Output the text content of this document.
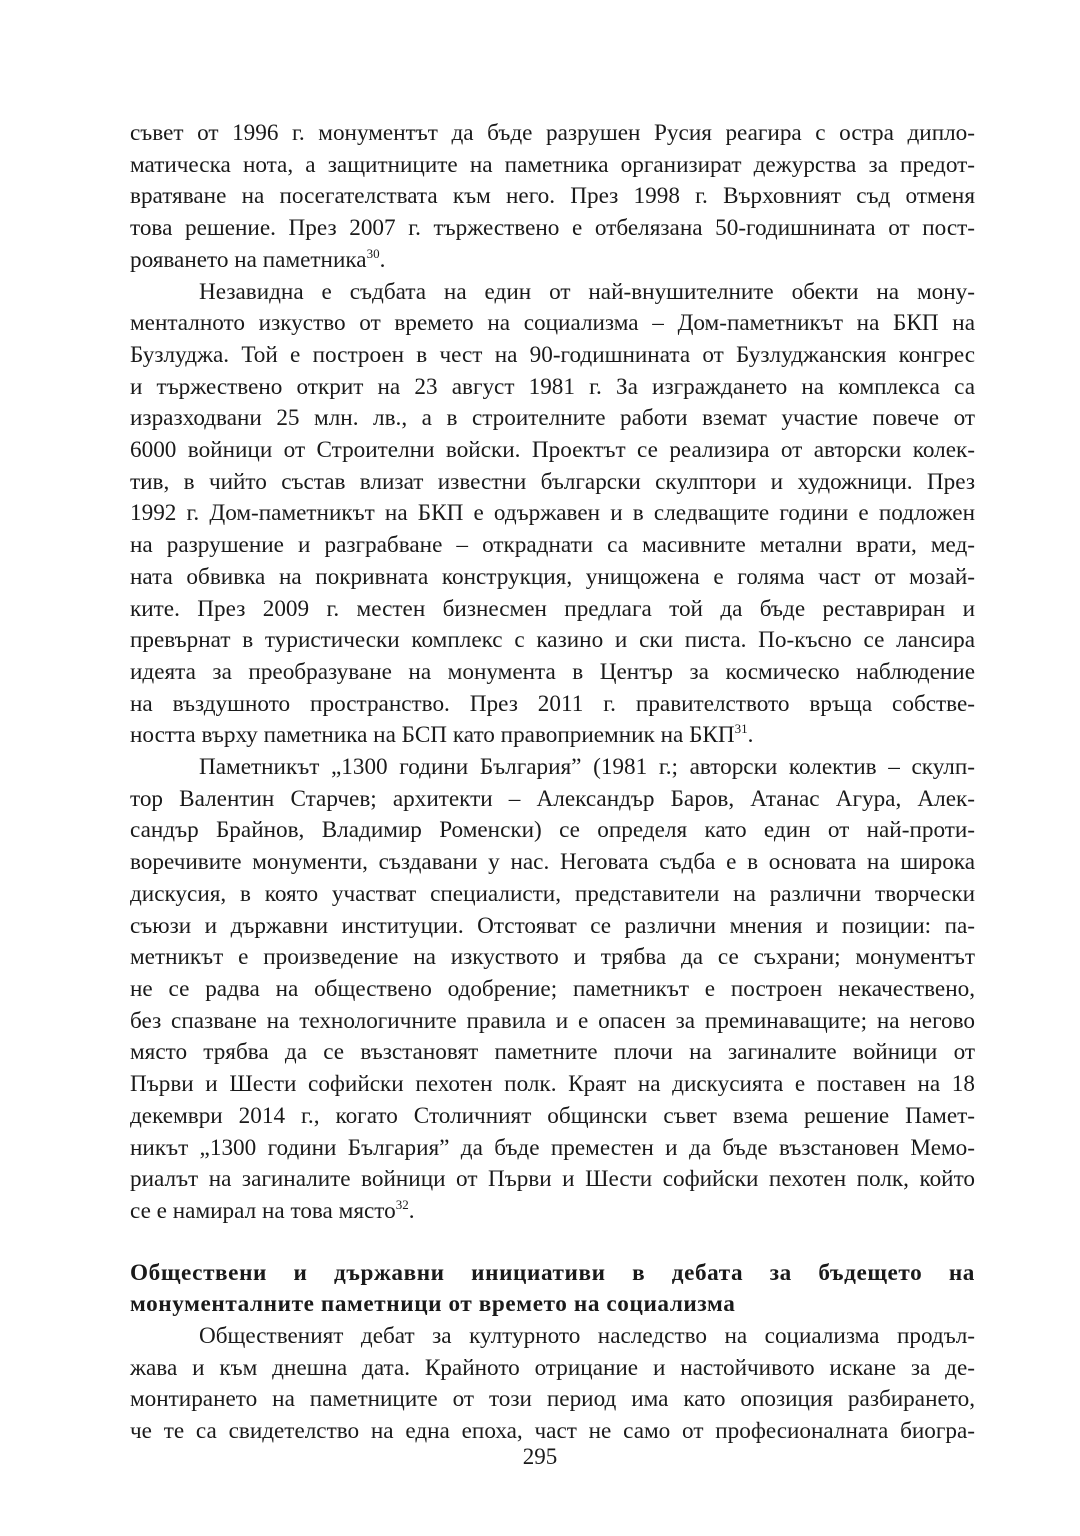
съвет от 1996 г. монументът да бъде разрушен Русия реагира с остра дипло-
матическа нота, а защитниците на паметника организират дежурства за предот-
вратяване на посегателствата към него. През 1998 г. Върховният съд отменя
това решение. През 2007 г. тържествено е отбелязана 50-годишнината от пост-
рояването на паметника$^{30}$.
Незавидна е съдбата на един от най-внушителните обекти на мону-
менталното изкуство от времето на социализма – Дом-паметникът на БКП на
Бузлуджа. Той е построен в чест на 90-годишнината от Бузлуджанския конгрес
и тържествено открит на 23 август 1981 г. За изграждането на комплекса са
изразходвани 25 млн. лв., а в строителните работи вземат участие повече от
6000 войници от Строителни войски. Проектът се реализира от авторски колек-
тив, в чийто състав влизат известни български скулптори и художници. През
1992 г. Дом-паметникът на БКП е одържавен и в следващите години е подложен
на разрушение и разграбване – откраднати са масивните метални врати, мед-
ната обвивка на покривната конструкция, унищожена е голяма част от мозай-
ките. През 2009 г. местен бизнесмен предлага той да бъде реставриран и
превърнат в туристически комплекс с казино и ски писта. По-късно се лансира
идеята за преобразуване на монумента в Център за космическо наблюдение
на въздушното пространство. През 2011 г. правителството връща собстве-
ността върху паметника на БСП като правоприемник на БКП$^{31}$.
Паметникът „1300 години България” (1981 г.; авторски колектив – скулп-
тор Валентин Старчев; архитекти – Александър Баров, Атанас Агура, Алек-
сандър Брайнов, Владимир Роменски) се определя като един от най-проти-
воречивите монументи, създавани у нас. Неговата съдба е в основата на широка
дискусия, в която участват специалисти, представители на различни творчески
съюзи и държавни институции. Отстояват се различни мнения и позиции: па-
метникът е произведение на изкуството и трябва да се съхрани; монументът
не се радва на обществено одобрение; паметникът е построен некачествено,
без спазване на технологичните правила и е опасен за преминаващите; на негово
място трябва да се възстановят паметните плочи на загиналите войници от
Първи и Шести софийски пехотен полк. Краят на дискусията е поставен на 18
декември 2014 г., когато Столичният общински съвет взема решение Памет-
никът „1300 години България” да бъде преместен и да бъде възстановен Мемо-
риалът на загиналите войници от Първи и Шести софийски пехотен полк, който
се е намирал на това място$^{32}$.
Обществени и държавни инициативи в дебата за бъдещето на
монументалните паметници от времето на социализма
Общественият дебат за културното наследство на социализма продъл-
жава и към днешна дата. Крайното отрицание и настойчивото искане за де-
монтирането на паметниците от този период има като опозиция разбирането,
че те са свидетелство на една епоха, част не само от професионалната биогра-
295
